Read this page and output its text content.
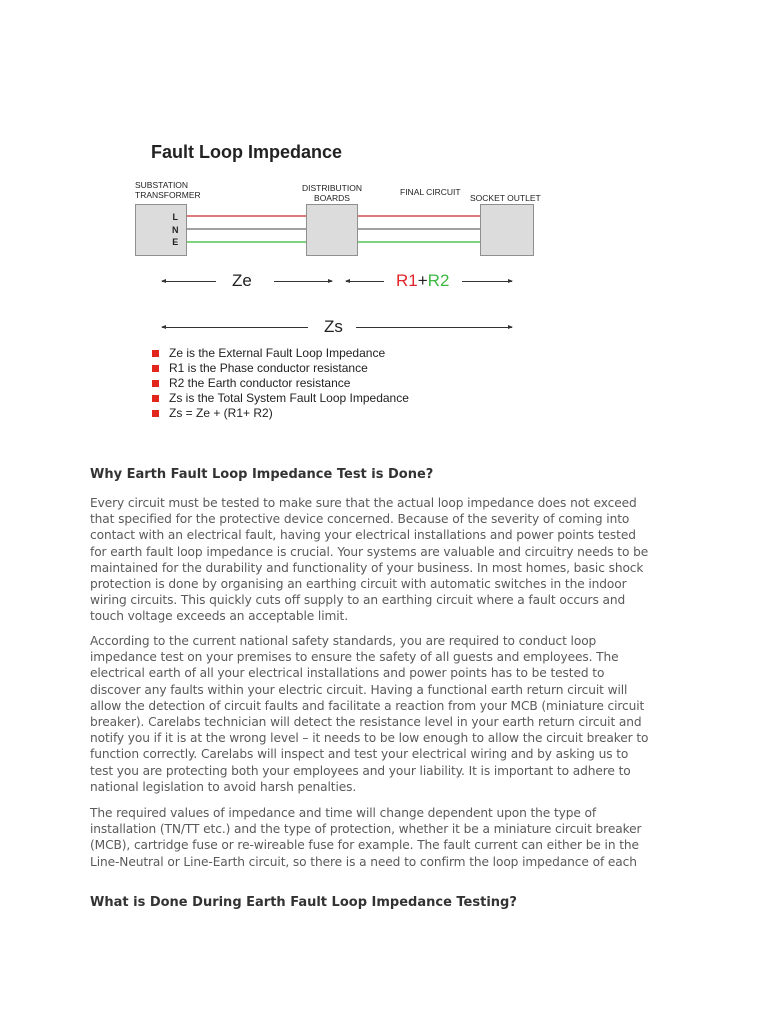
Fault Loop Impedance
SUBSTATION
TRANSFORMER
DISTRIBUTION
BOARDS
FINAL CIRCUIT
SOCKET OUTLET
L
N
E
Ze	R1+R2
Zs
Ze is the External Fault Loop Impedance
R1 is the Phase conductor resistance
R2 the Earth conductor resistance
Zs is the Total System Fault Loop Impedance
Zs = Ze + (R1+ R2)
Why Earth Fault Loop Impedance Test is Done?

Every circuit must be tested to make sure that the actual loop impedance does not exceed
that specified for the protective device concerned. Because of the severity of coming into
contact with an electrical fault, having your electrical installations and power points tested
for earth fault loop impedance is crucial. Your systems are valuable and circuitry needs to be
maintained for the durability and functionality of your business. In most homes, basic shock
protection is done by organising an earthing circuit with automatic switches in the indoor
wiring circuits. This quickly cuts off supply to an earthing circuit where a fault occurs and
touch voltage exceeds an acceptable limit.

According to the current national safety standards, you are required to conduct loop
impedance test on your premises to ensure the safety of all guests and employees. The
electrical earth of all your electrical installations and power points has to be tested to
discover any faults within your electric circuit. Having a functional earth return circuit will
allow the detection of circuit faults and facilitate a reaction from your MCB (miniature circuit
breaker). Carelabs technician will detect the resistance level in your earth return circuit and
notify you if it is at the wrong level – it needs to be low enough to allow the circuit breaker to
function correctly. Carelabs will inspect and test your electrical wiring and by asking us to
test you are protecting both your employees and your liability. It is important to adhere to
national legislation to avoid harsh penalties.

The required values of impedance and time will change dependent upon the type of
installation (TN/TT etc.) and the type of protection, whether it be a miniature circuit breaker
(MCB), cartridge fuse or re-wireable fuse for example. The fault current can either be in the
Line-Neutral or Line-Earth circuit, so there is a need to confirm the loop impedance of each

What is Done During Earth Fault Loop Impedance Testing?
